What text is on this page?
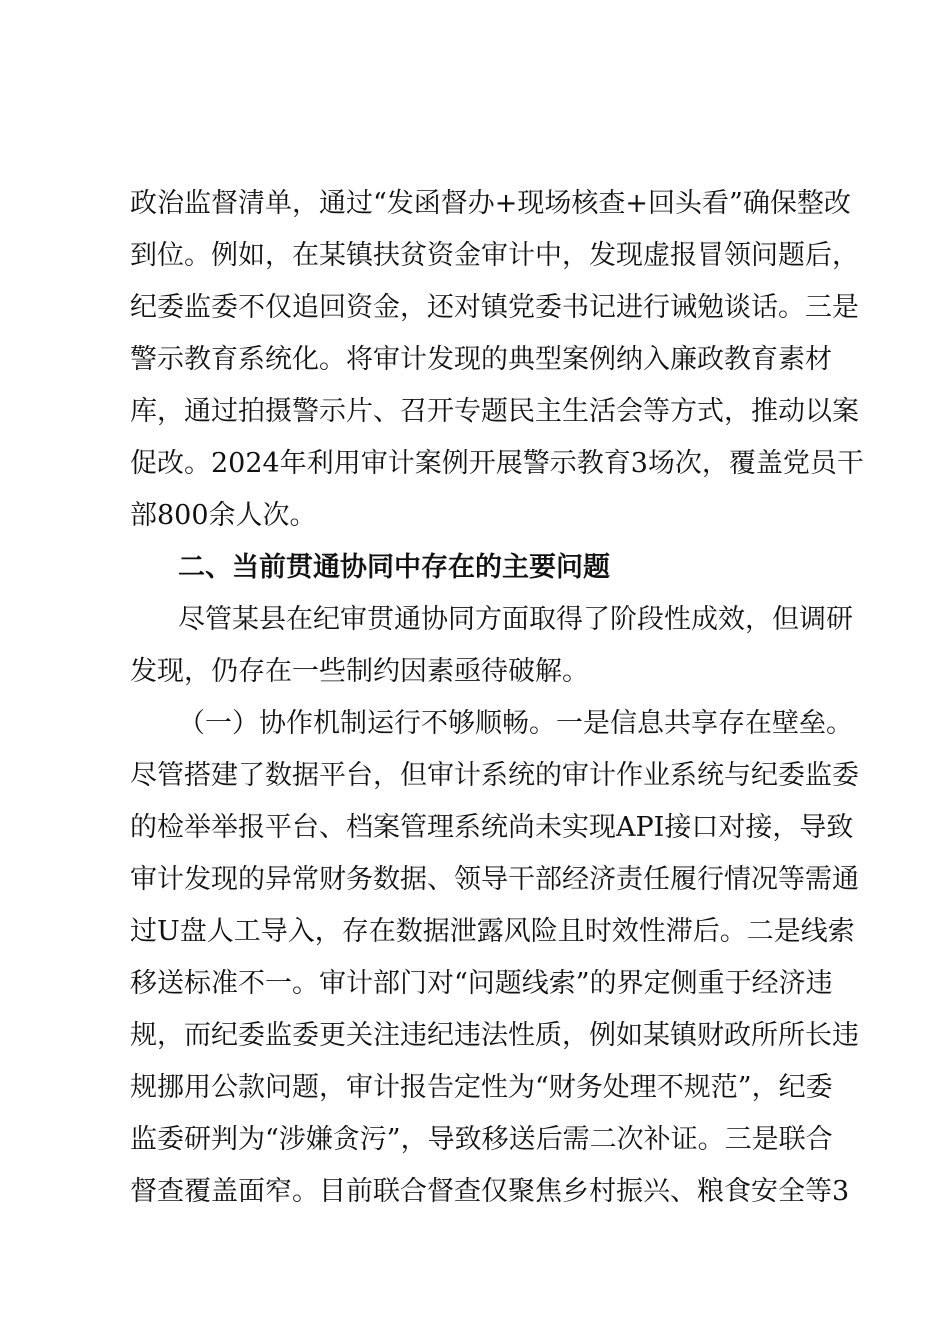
政治监督清单，通过“发函督办+现场核查+回头看”确保整改
到位。例如，在某镇扶贫资金审计中，发现虚报冒领问题后，
纪委监委不仅追回资金，还对镇党委书记进行诫勉谈话。三是
警示教育系统化。将审计发现的典型案例纳入廉政教育素材
库，通过拍摄警示片、召开专题民主生活会等方式，推动以案
促改。2024年利用审计案例开展警示教育3场次，覆盖党员干
部800余人次。
二、当前贯通协同中存在的主要问题
尽管某县在纪审贯通协同方面取得了阶段性成效，但调研
发现，仍存在一些制约因素亟待破解。
（一）协作机制运行不够顺畅。一是信息共享存在壁垒。
尽管搭建了数据平台，但审计系统的审计作业系统与纪委监委
的检举举报平台、档案管理系统尚未实现API接口对接，导致
审计发现的异常财务数据、领导干部经济责任履行情况等需通
过U盘人工导入，存在数据泄露风险且时效性滞后。二是线索
移送标准不一。审计部门对“问题线索”的界定侧重于经济违
规，而纪委监委更关注违纪违法性质，例如某镇财政所所长违
规挪用公款问题，审计报告定性为“财务处理不规范”，纪委
监委研判为“涉嫌贪污”，导致移送后需二次补证。三是联合
督查覆盖面窄。目前联合督查仅聚焦乡村振兴、粮食安全等3
